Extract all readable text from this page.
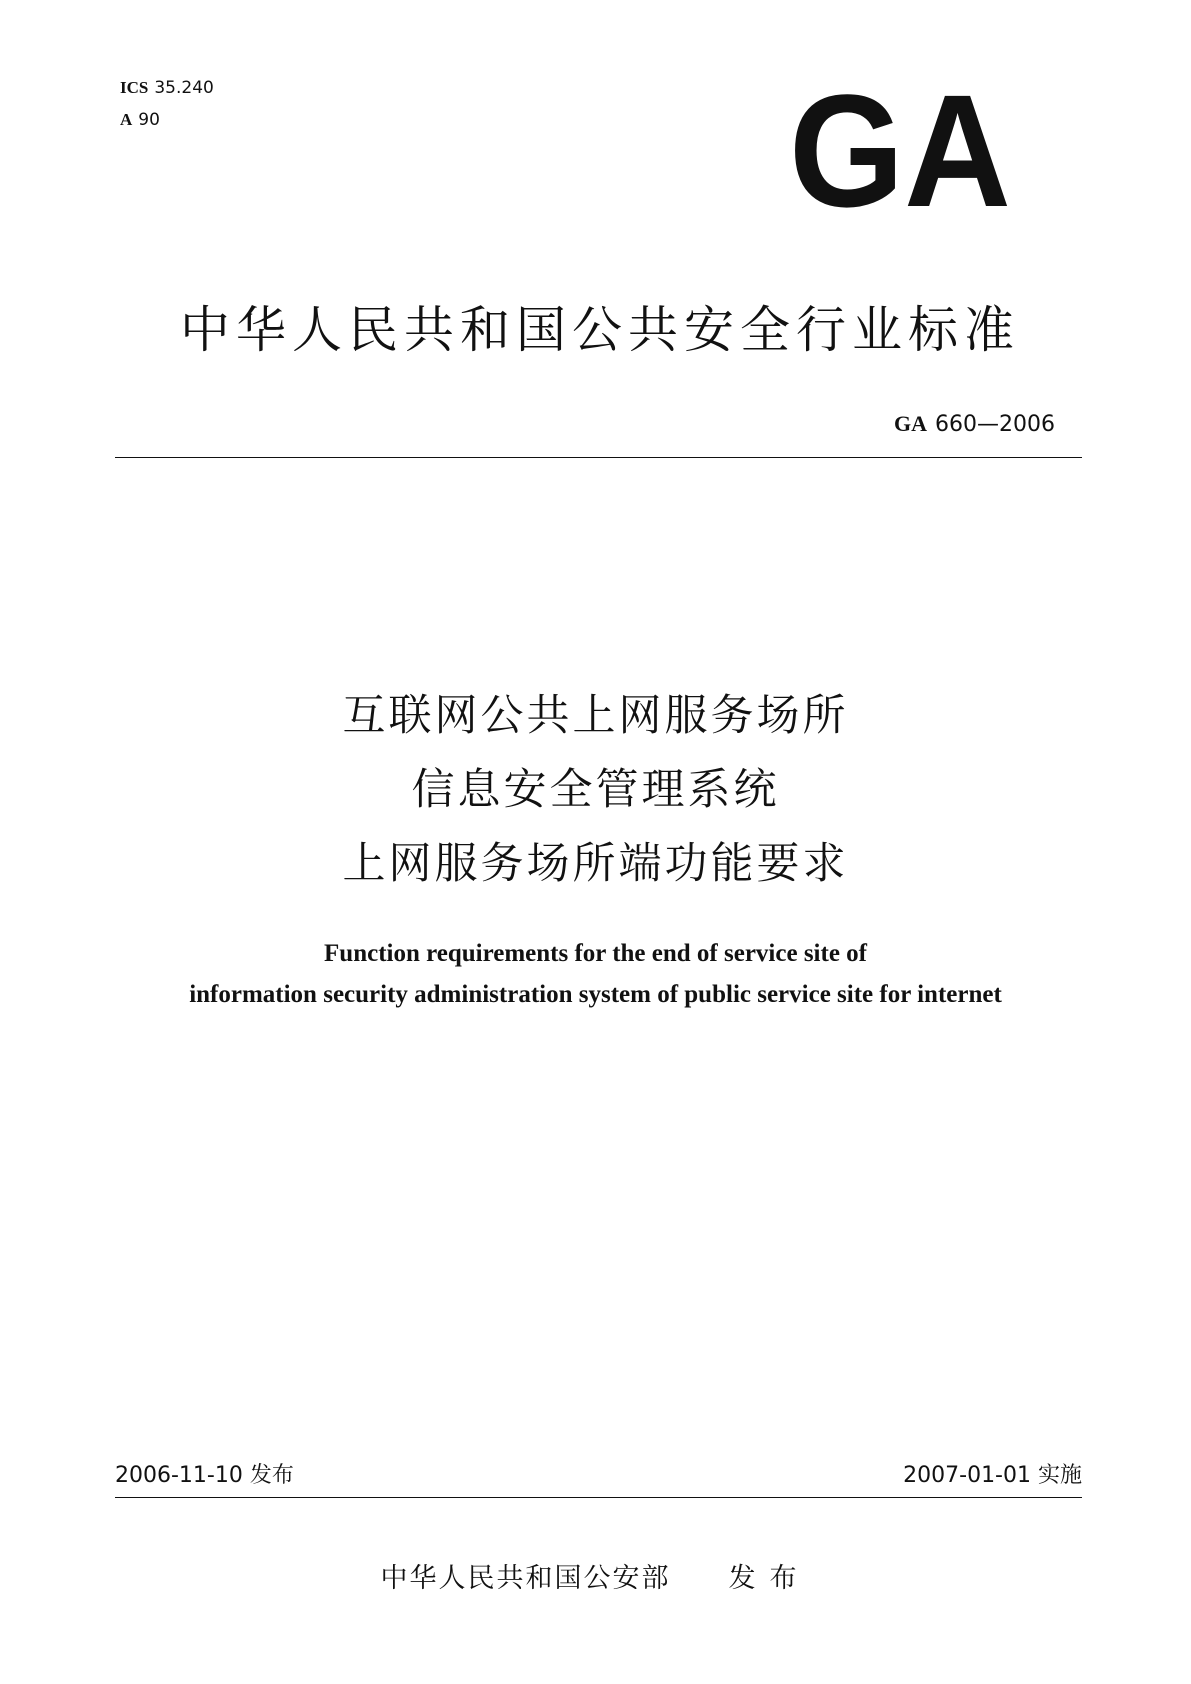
ICS 35.240
A 90	GA
中华人民共和国公共安全行业标准
GA 660—2006
互联网公共上网服务场所
信息安全管理系统
上网服务场所端功能要求
Function requirements for the end of service site of
information security administration system of public service site for internet
2006-11-10 发布	2007-01-01 实施
中华人民共和国公安部 发布
